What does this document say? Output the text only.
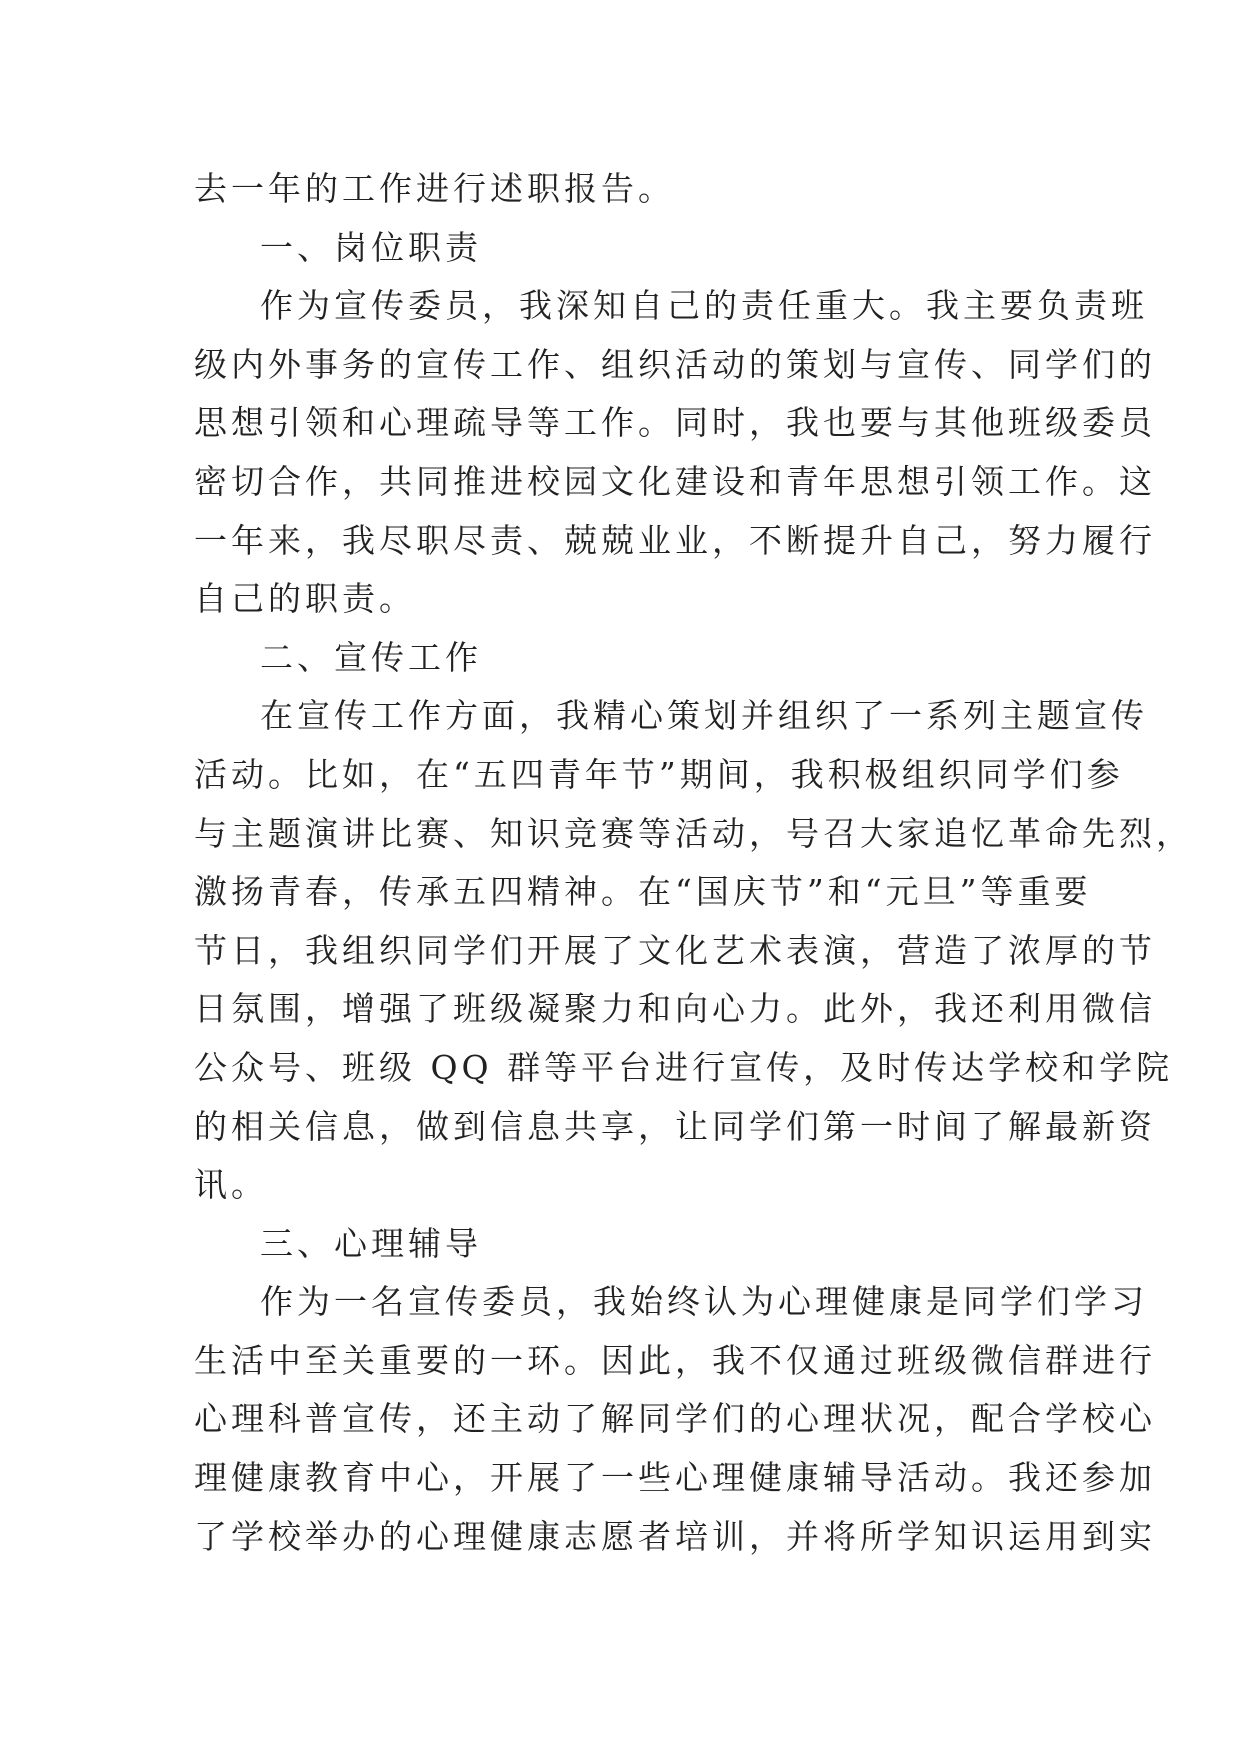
去一年的工作进行述职报告。
一、岗位职责
作为宣传委员，我深知自己的责任重大。我主要负责班
级内外事务的宣传工作、组织活动的策划与宣传、同学们的
思想引领和心理疏导等工作。同时，我也要与其他班级委员
密切合作，共同推进校园文化建设和青年思想引领工作。这
一年来，我尽职尽责、兢兢业业，不断提升自己，努力履行
自己的职责。
二、宣传工作
在宣传工作方面，我精心策划并组织了一系列主题宣传
活动。比如，在“五四青年节”期间，我积极组织同学们参
与主题演讲比赛、知识竞赛等活动，号召大家追忆革命先烈，
激扬青春，传承五四精神。在“国庆节”和“元旦”等重要
节日，我组织同学们开展了文化艺术表演，营造了浓厚的节
日氛围，增强了班级凝聚力和向心力。此外，我还利用微信
公众号、班级 QQ 群等平台进行宣传，及时传达学校和学院
的相关信息，做到信息共享，让同学们第一时间了解最新资
讯。
三、心理辅导
作为一名宣传委员，我始终认为心理健康是同学们学习
生活中至关重要的一环。因此，我不仅通过班级微信群进行
心理科普宣传，还主动了解同学们的心理状况，配合学校心
理健康教育中心，开展了一些心理健康辅导活动。我还参加
了学校举办的心理健康志愿者培训，并将所学知识运用到实
